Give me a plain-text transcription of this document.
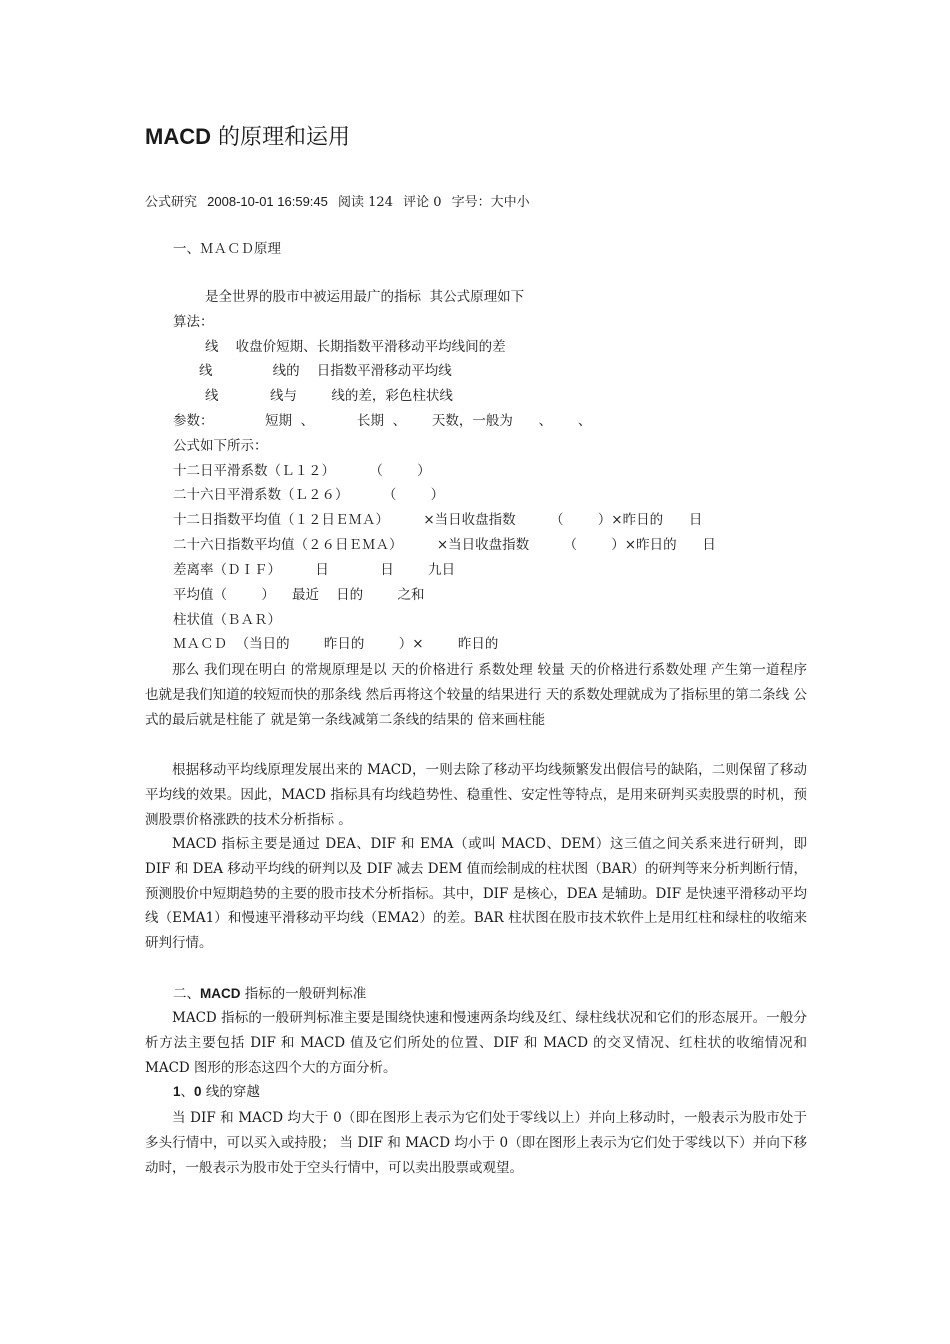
MACD 的原理和运用
公式研究 2008-10-01 16:59:45 阅读 124 评论 0 字号：大中小
一、ＭＡＣＤ原理
是全世界的股市中被运用最广的指标  其公式原理如下
算法：
线    收盘价短期、长期指数平滑移动平均线间的差
线              线的    日指数平滑移动平均线
线            线与        线的差，彩色柱状线
参数：            短期  、          长期  、      天数，一般为      、      、
公式如下所示：
十二日平滑系数（Ｌ１２）        （        ）
二十六日平滑系数（Ｌ２６）        （        ）
十二日指数平均值（１２日ＥＭＡ）        ×当日收盘指数        （        ）×昨日的      日
二十六日指数平均值（２６日ＥＭＡ）        ×当日收盘指数        （        ）×昨日的      日
差离率（ＤＩＦ）        日            日        九日
平均值（        ）    最近    日的        之和
柱状值（ＢＡＲ）
ＭＡＣＤ  （当日的        昨日的        ）×        昨日的
那么 我们现在明白 的常规原理是以 天的价格进行 系数处理 较量 天的价格进行系数处理 产生第一道程序 也就是我们知道的较短而快的那条线 然后再将这个较量的结果进行 天的系数处理就成为了指标里的第二条线 公式的最后就是柱能了 就是第一条线减第二条线的结果的 倍来画柱能
根据移动平均线原理发展出来的 MACD，一则去除了移动平均线频繁发出假信号的缺陷，二则保留了移动平均线的效果。因此，MACD 指标具有均线趋势性、稳重性、安定性等特点，是用来研判买卖股票的时机，预测股票价格涨跌的技术分析指标 。
MACD 指标主要是通过 DEA、DIF 和 EMA（或叫 MACD、DEM）这三值之间关系来进行研判，即 DIF 和 DEA 移动平均线的研判以及 DIF 减去 DEM 值而绘制成的柱状图（BAR）的研判等来分析判断行情，预测股价中短期趋势的主要的股市技术分析指标。其中，DIF 是核心，DEA 是辅助。DIF 是快速平滑移动平均线（EMA1）和慢速平滑移动平均线（EMA2）的差。BAR 柱状图在股市技术软件上是用红柱和绿柱的收缩来研判行情。
二、MACD 指标的一般研判标准
MACD 指标的一般研判标准主要是围绕快速和慢速两条均线及红、绿柱线状况和它们的形态展开。一般分析方法主要包括 DIF 和 MACD 值及它们所处的位置、DIF 和 MACD 的交叉情况、红柱状的收缩情况和 MACD 图形的形态这四个大的方面分析。
1、0 线的穿越
当 DIF 和 MACD 均大于 0（即在图形上表示为它们处于零线以上）并向上移动时，一般表示为股市处于多头行情中，可以买入或持股； 当 DIF 和 MACD 均小于 0（即在图形上表示为它们处于零线以下）并向下移动时，一般表示为股市处于空头行情中，可以卖出股票或观望。
